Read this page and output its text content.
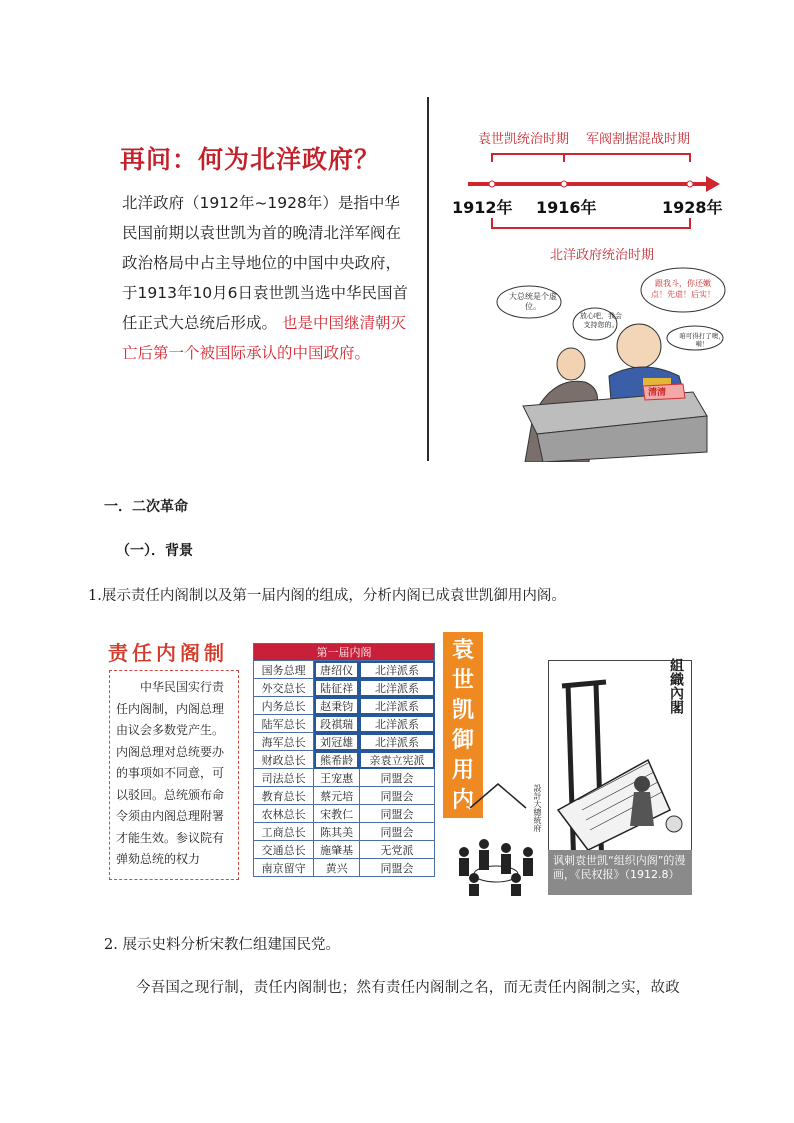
再问：何为北洋政府？
北洋政府（1912年~1928年）是指中华民国前期以袁世凯为首的晚清北洋军阀在政治格局中占主导地位的中国中央政府，于1913年10月6日袁世凯当选中华民国首任正式大总统后形成。 也是中国继清朝灭亡后第一个被国际承认的中国政府。
袁世凯统治时期 军阀割据混战时期
1912年 1916年	1928年
北洋政府统治时期
大总统是个虚位。
放心吧，我会支持您的。
跟我斗，你还嫩点！先虐！后实！
咱可得打了噢，嗬！
清清
一．二次革命
（一）．背景
1.展示责任内阁制以及第一届内阁的组成，分析内阁已成袁世凯御用内阁。
责任内阁制
中华民国实行责任内阁制，内阁总理由议会多数党产生。内阁总理对总统要办的事项如不同意，可以驳回。总统颁布命令须由内阁总理附署才能生效。参议院有弹劾总统的权力
第一届内阁		
国务总理	唐绍仪	北洋派系
外交总长	陆征祥	北洋派系
内务总长	赵秉钧	北洋派系
陆军总长	段祺瑞	北洋派系
海军总长	刘冠雄	北洋派系
财政总长	熊希龄	亲袁立宪派
司法总长	王宠惠	同盟会
教育总长	蔡元培	同盟会
农林总长	宋教仁	同盟会
工商总长	陈其美	同盟会
交通总长	施肇基	无党派
南京留守	黄兴	同盟会
袁
世
凯
御
用
内	設計大總統府
組織內閣
讽刺袁世凯“组织内阁”的漫画，《民权报》（1912.8）
2. 展示史料分析宋教仁组建国民党。
今吾国之现行制，责任内阁制也；然有责任内阁制之名，而无责任内阁制之实，故政
